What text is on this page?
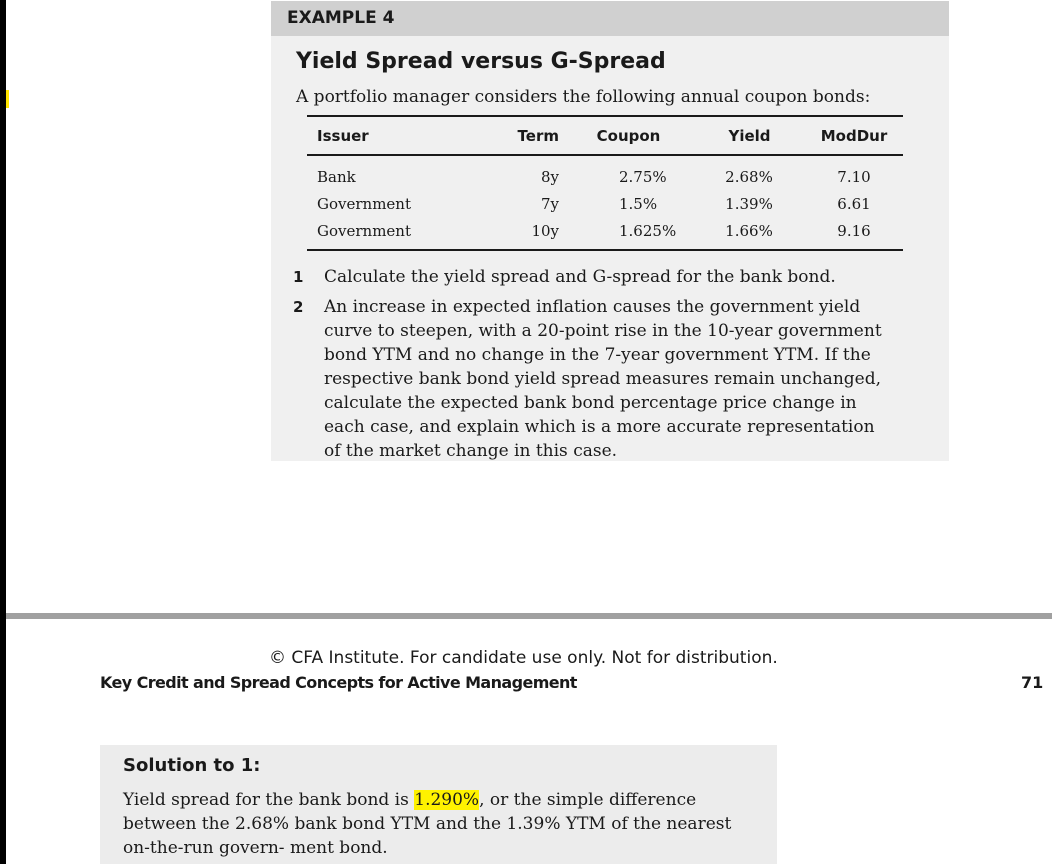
EXAMPLE 4
Yield Spread versus G-Spread
A portfolio manager considers the following annual coupon bonds:
Issuer	Term	Coupon	Yield	ModDur
Bank	8y	2.75%	2.68%	7.10
Government	7y	1.5%	1.39%	6.61
Government	10y	1.625%	1.66%	9.16
1 Calculate the yield spread and G-spread for the bank bond.
2 An increase in expected inflation causes the government yield curve to steepen, with a 20-point rise in the 10-year government bond YTM and no change in the 7-year government YTM. If the respective bank bond yield spread measures remain unchanged, calculate the expected bank bond percentage price change in each case, and explain which is a more accurate representation of the market change in this case.
© CFA Institute. For candidate use only. Not for distribution.
Key Credit and Spread Concepts for Active Management	71
Solution to 1:
Yield spread for the bank bond is 1.290%, or the simple difference between the 2.68% bank bond YTM and the 1.39% YTM of the nearest on-the-run govern- ment bond.
